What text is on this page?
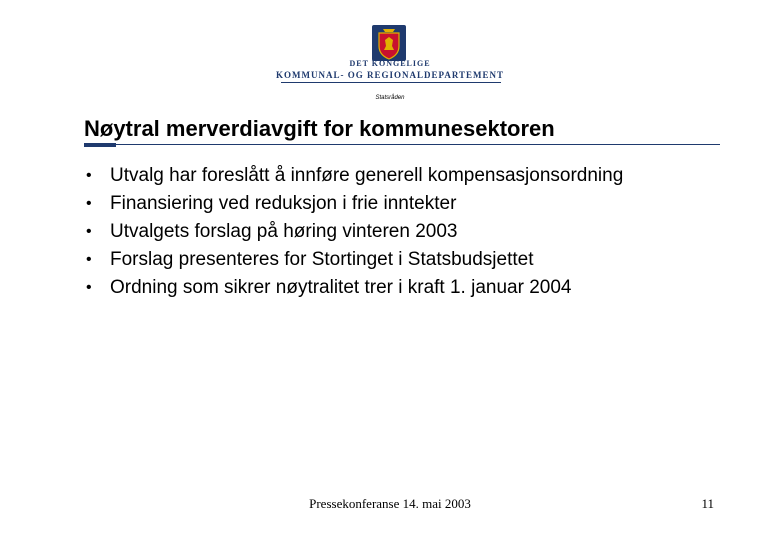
DET KONGELIGE
KOMMUNAL- OG REGIONALDEPARTEMENT
Statsråden
Nøytral merverdiavgift for kommunesektoren
• Utvalg har foreslått å innføre generell kompensasjonsordning
• Finansiering ved reduksjon i frie inntekter
• Utvalgets forslag på høring vinteren 2003
• Forslag presenteres for Stortinget i Statsbudsjettet
• Ordning som sikrer nøytralitet trer i kraft 1. januar 2004
Pressekonferanse 14. mai 2003	11
